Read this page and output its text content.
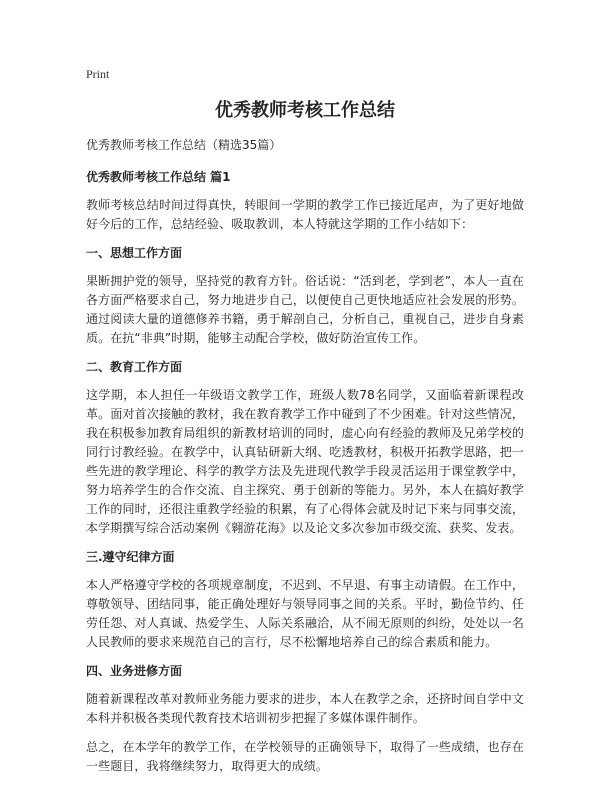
Print
优秀教师考核工作总结
优秀教师考核工作总结（精选35篇）
优秀教师考核工作总结 篇1

教师考核总结时间过得真快，转眼间一学期的教学工作已接近尾声，为了更好地做好今后的工作，总结经验、吸取教训，本人特就这学期的工作小结如下：

一、思想工作方面

果断拥护党的领导，坚持党的教育方针。俗话说：“活到老，学到老”，本人一直在各方面严格要求自己，努力地进步自己，以便使自己更快地适应社会发展的形势。通过阅读大量的道德修养书籍，勇于解剖自己，分析自己，重视自己，进步自身素质。在抗“非典”时期，能够主动配合学校，做好防治宣传工作。

二、教育工作方面

这学期，本人担任一年级语文教学工作，班级人数78名同学，又面临着新课程改革。面对首次接触的教材，我在教育教学工作中碰到了不少困难。针对这些情况，我在积极参加教育局组织的新教材培训的同时，虚心向有经验的教师及兄弟学校的同行讨教经验。在教学中，认真钻研新大纲、吃透教材，积极开拓教学思路，把一些先进的教学理论、科学的教学方法及先进现代教学手段灵活运用于课堂教学中，努力培养学生的合作交流、自主探究、勇于创新的等能力。另外，本人在搞好教学工作的同时，还很注重教学经验的积累，有了心得体会就及时记下来与同事交流，本学期撰写综合活动案例《翱游花海》以及论文多次参加市级交流、获奖、发表。

三.遵守纪律方面

本人严格遵守学校的各项规章制度，不迟到、不早退、有事主动请假。在工作中，尊敬领导、团结同事，能正确处理好与领导同事之间的关系。平时，勤俭节约、任劳任怨、对人真诚、热爱学生、人际关系融洽，从不闹无原则的纠纷，处处以一名人民教师的要求来规范自己的言行，尽不松懈地培养自己的综合素质和能力。

四、业务进修方面

随着新课程改革对教师业务能力要求的进步，本人在教学之余，还挤时间自学中文本科并积极各类现代教育技术培训初步把握了多媒体课件制作。

总之，在本学年的教学工作，在学校领导的正确领导下，取得了一些成绩，也存在一些题目，我将继续努力，取得更大的成绩。
